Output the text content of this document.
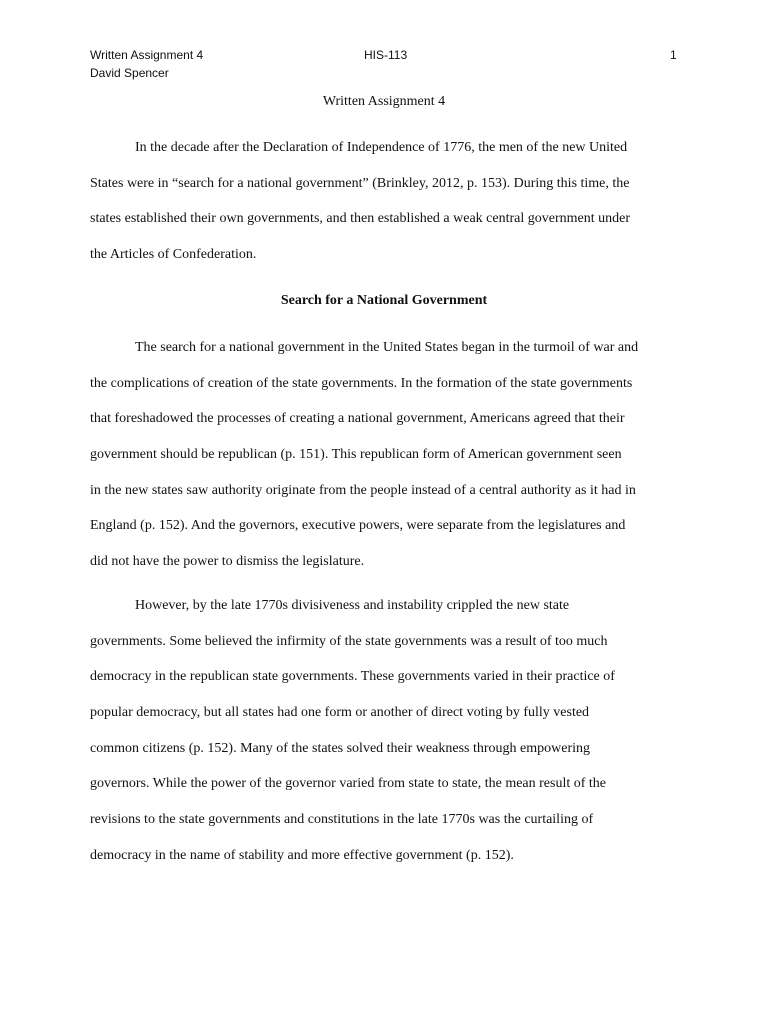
Written Assignment 4	HIS-113	1
David Spencer
Written Assignment 4
In the decade after the Declaration of Independence of 1776, the men of the new United
States were in “search for a national government” (Brinkley, 2012, p. 153). During this time, the
states established their own governments, and then established a weak central government under
the Articles of Confederation.
Search for a National Government
The search for a national government in the United States began in the turmoil of war and
the complications of creation of the state governments. In the formation of the state governments
that foreshadowed the processes of creating a national government, Americans agreed that their
government should be republican (p. 151). This republican form of American government seen
in the new states saw authority originate from the people instead of a central authority as it had in
England (p. 152). And the governors, executive powers, were separate from the legislatures and
did not have the power to dismiss the legislature.
However, by the late 1770s divisiveness and instability crippled the new state
governments. Some believed the infirmity of the state governments was a result of too much
democracy in the republican state governments. These governments varied in their practice of
popular democracy, but all states had one form or another of direct voting by fully vested
common citizens (p. 152). Many of the states solved their weakness through empowering
governors. While the power of the governor varied from state to state, the mean result of the
revisions to the state governments and constitutions in the late 1770s was the curtailing of
democracy in the name of stability and more effective government (p. 152).
